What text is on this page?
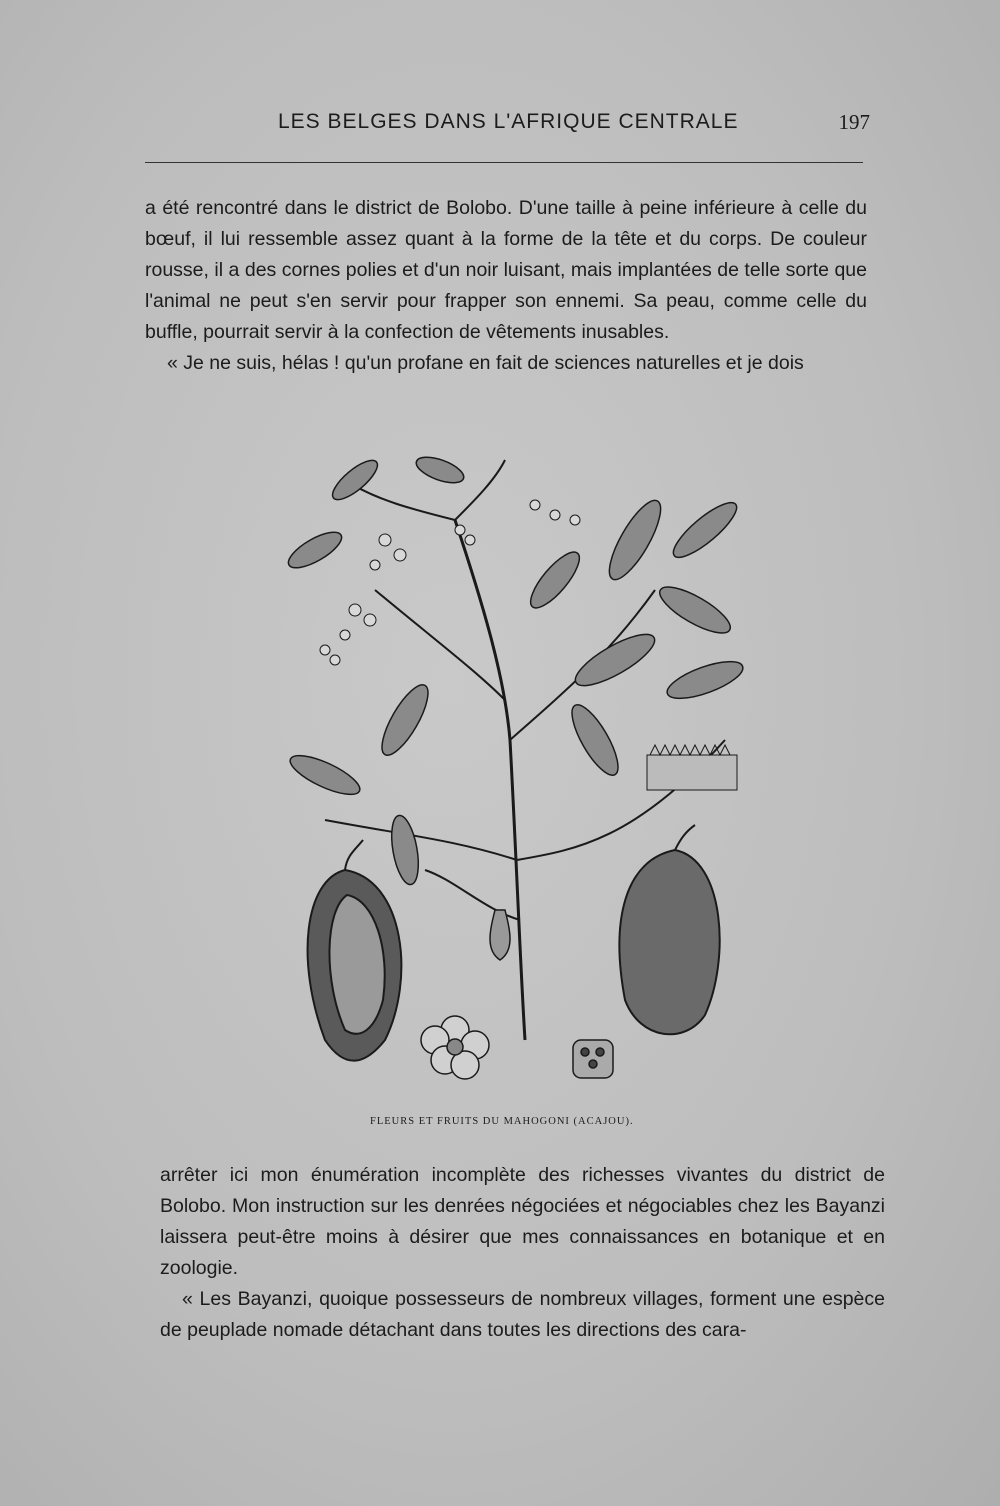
LES BELGES DANS L'AFRIQUE CENTRALE	197

a été rencontré dans le district de Bolobo. D'une taille à peine inférieure à celle du bœuf, il lui ressemble assez quant à la forme de la tête et du corps. De couleur rousse, il a des cornes polies et d'un noir luisant, mais implantées de telle sorte que l'animal ne peut s'en servir pour frapper son ennemi. Sa peau, comme celle du buffle, pourrait servir à la confection de vêtements inusables.

« Je ne suis, hélas ! qu'un profane en fait de sciences naturelles et je dois

FLEURS ET FRUITS DU MAHOGONI (ACAJOU).

arrêter ici mon énumération incomplète des richesses vivantes du district de Bolobo. Mon instruction sur les denrées négociées et négociables chez les Bayanzi laissera peut-être moins à désirer que mes connaissances en botanique et en zoologie.

« Les Bayanzi, quoique possesseurs de nombreux villages, forment une espèce de peuplade nomade détachant dans toutes les directions des cara-
